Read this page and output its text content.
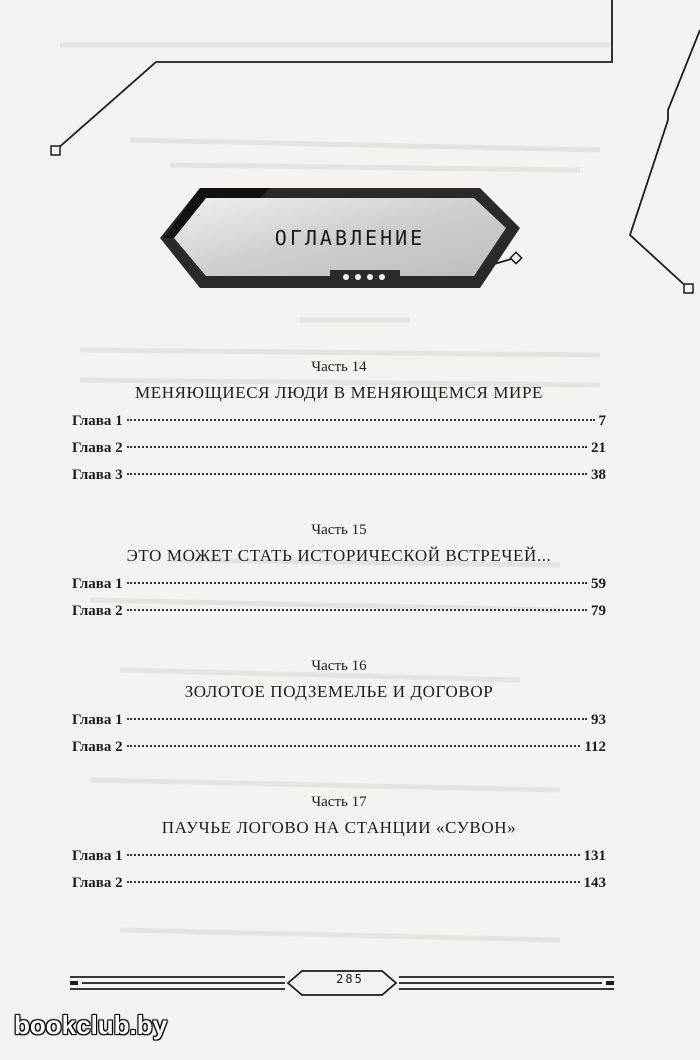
ОГЛАВЛЕНИЕ
Часть 14
МЕНЯЮЩИЕСЯ ЛЮДИ В МЕНЯЮЩЕМСЯ МИРЕ
Глава 1	7
Глава 2	21
Глава 3	38
Часть 15
ЭТО МОЖЕТ СТАТЬ ИСТОРИЧЕСКОЙ ВСТРЕЧЕЙ...
Глава 1	59
Глава 2	79
Часть 16
ЗОЛОТОЕ ПОДЗЕМЕЛЬЕ И ДОГОВОР
Глава 1	93
Глава 2	112
Часть 17
ПАУЧЬЕ ЛОГОВО НА СТАНЦИИ «СУВОН»
Глава 1	131
Глава 2	143
285
bookclub.by
